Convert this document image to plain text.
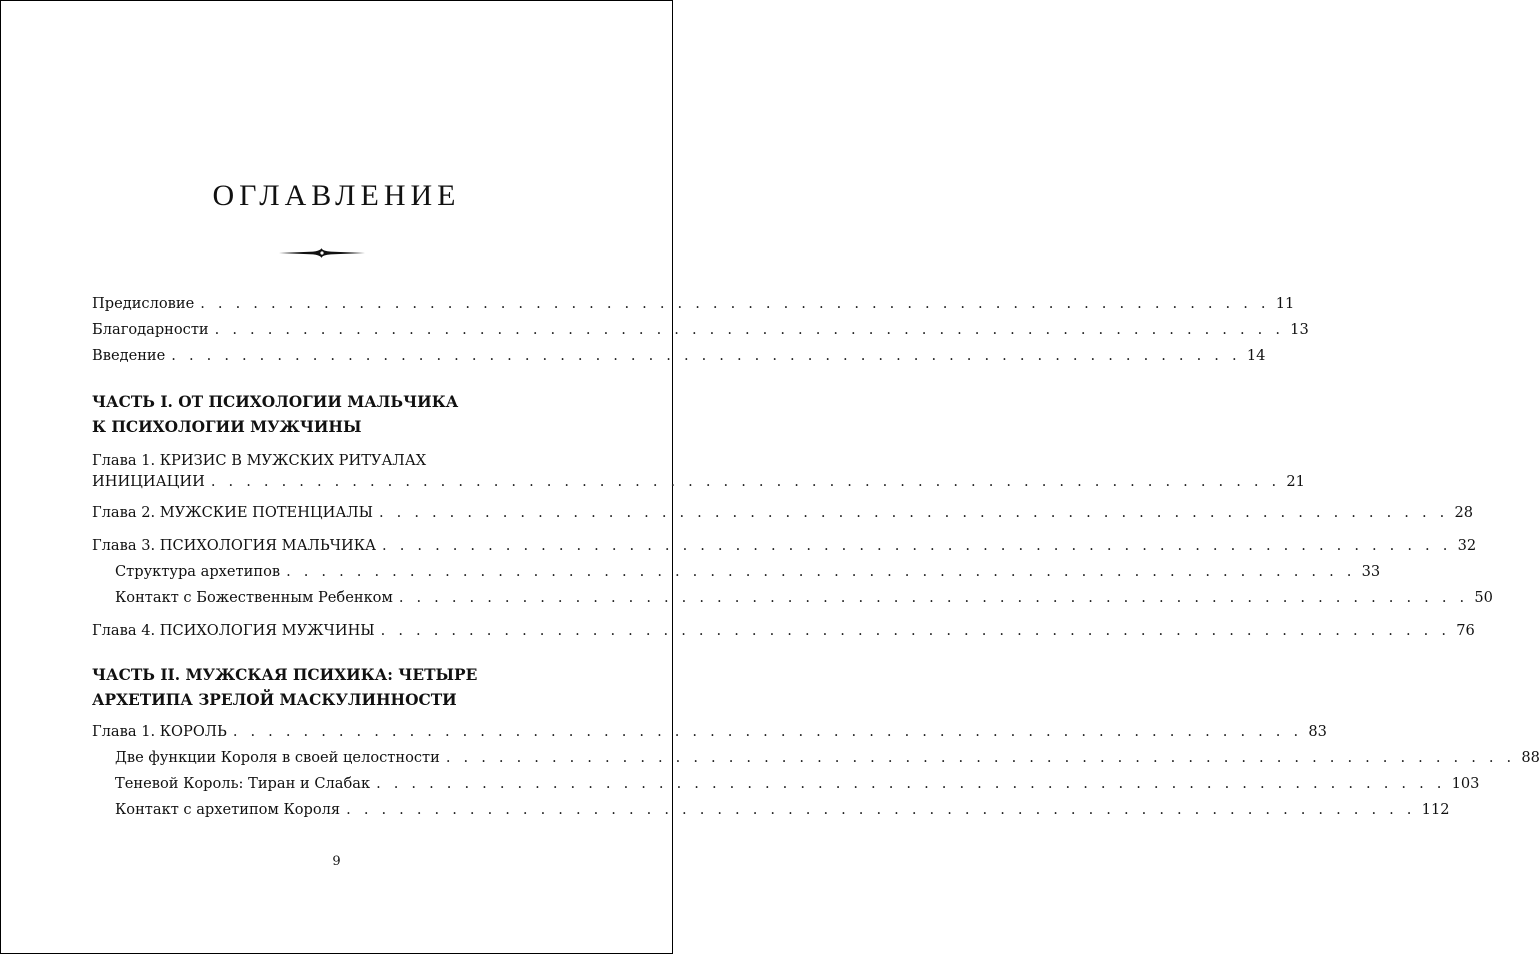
ОГЛАВЛЕНИЕ
Предисловие . . . . . . . . . . . . . . . . . . . . . . . . . . . . . . . . . . . . . . . . . . . . . . . . . . . . . . . . . . . . . 11
Благодарности . . . . . . . . . . . . . . . . . . . . . . . . . . . . . . . . . . . . . . . . . . . . . . . . . . . . . . . . . . . . . 13
Введение . . . . . . . . . . . . . . . . . . . . . . . . . . . . . . . . . . . . . . . . . . . . . . . . . . . . . . . . . . . . . 14
ЧАСТЬ I. ОТ ПСИХОЛОГИИ МАЛЬЧИКА
К ПСИХОЛОГИИ МУЖЧИНЫ
Глава 1. КРИЗИС В МУЖСКИХ РИТУАЛАХ
ИНИЦИАЦИИ . . . . . . . . . . . . . . . . . . . . . . . . . . . . . . . . . . . . . . . . . . . . . . . . . . . . . . . . . . . . . 21
Глава 2. МУЖСКИЕ ПОТЕНЦИАЛЫ . . . . . . . . . . . . . . . . . . . . . . . . . . . . . . . . . . . . . . . . . . . . . . . . . . . . . . . . . . . . . 28
Глава 3. ПСИХОЛОГИЯ МАЛЬЧИКА . . . . . . . . . . . . . . . . . . . . . . . . . . . . . . . . . . . . . . . . . . . . . . . . . . . . . . . . . . . . . 32
Структура архетипов . . . . . . . . . . . . . . . . . . . . . . . . . . . . . . . . . . . . . . . . . . . . . . . . . . . . . . . . . . . . . 33
Контакт с Божественным Ребенком . . . . . . . . . . . . . . . . . . . . . . . . . . . . . . . . . . . . . . . . . . . . . . . . . . . . . . . . . . . . . 50
Глава 4. ПСИХОЛОГИЯ МУЖЧИНЫ . . . . . . . . . . . . . . . . . . . . . . . . . . . . . . . . . . . . . . . . . . . . . . . . . . . . . . . . . . . . . 76
ЧАСТЬ II. МУЖСКАЯ ПСИХИКА: ЧЕТЫРЕ
АРХЕТИПА ЗРЕЛОЙ МАСКУЛИННОСТИ
Глава 1. КОРОЛЬ . . . . . . . . . . . . . . . . . . . . . . . . . . . . . . . . . . . . . . . . . . . . . . . . . . . . . . . . . . . . . 83
Две функции Короля в своей целостности . . . . . . . . . . . . . . . . . . . . . . . . . . . . . . . . . . . . . . . . . . . . . . . . . . . . . . . . . . . . . 88
Теневой Король: Тиран и Слабак . . . . . . . . . . . . . . . . . . . . . . . . . . . . . . . . . . . . . . . . . . . . . . . . . . . . . . . . . . . . . 103
Контакт с архетипом Короля . . . . . . . . . . . . . . . . . . . . . . . . . . . . . . . . . . . . . . . . . . . . . . . . . . . . . . . . . . . . . 112
9
